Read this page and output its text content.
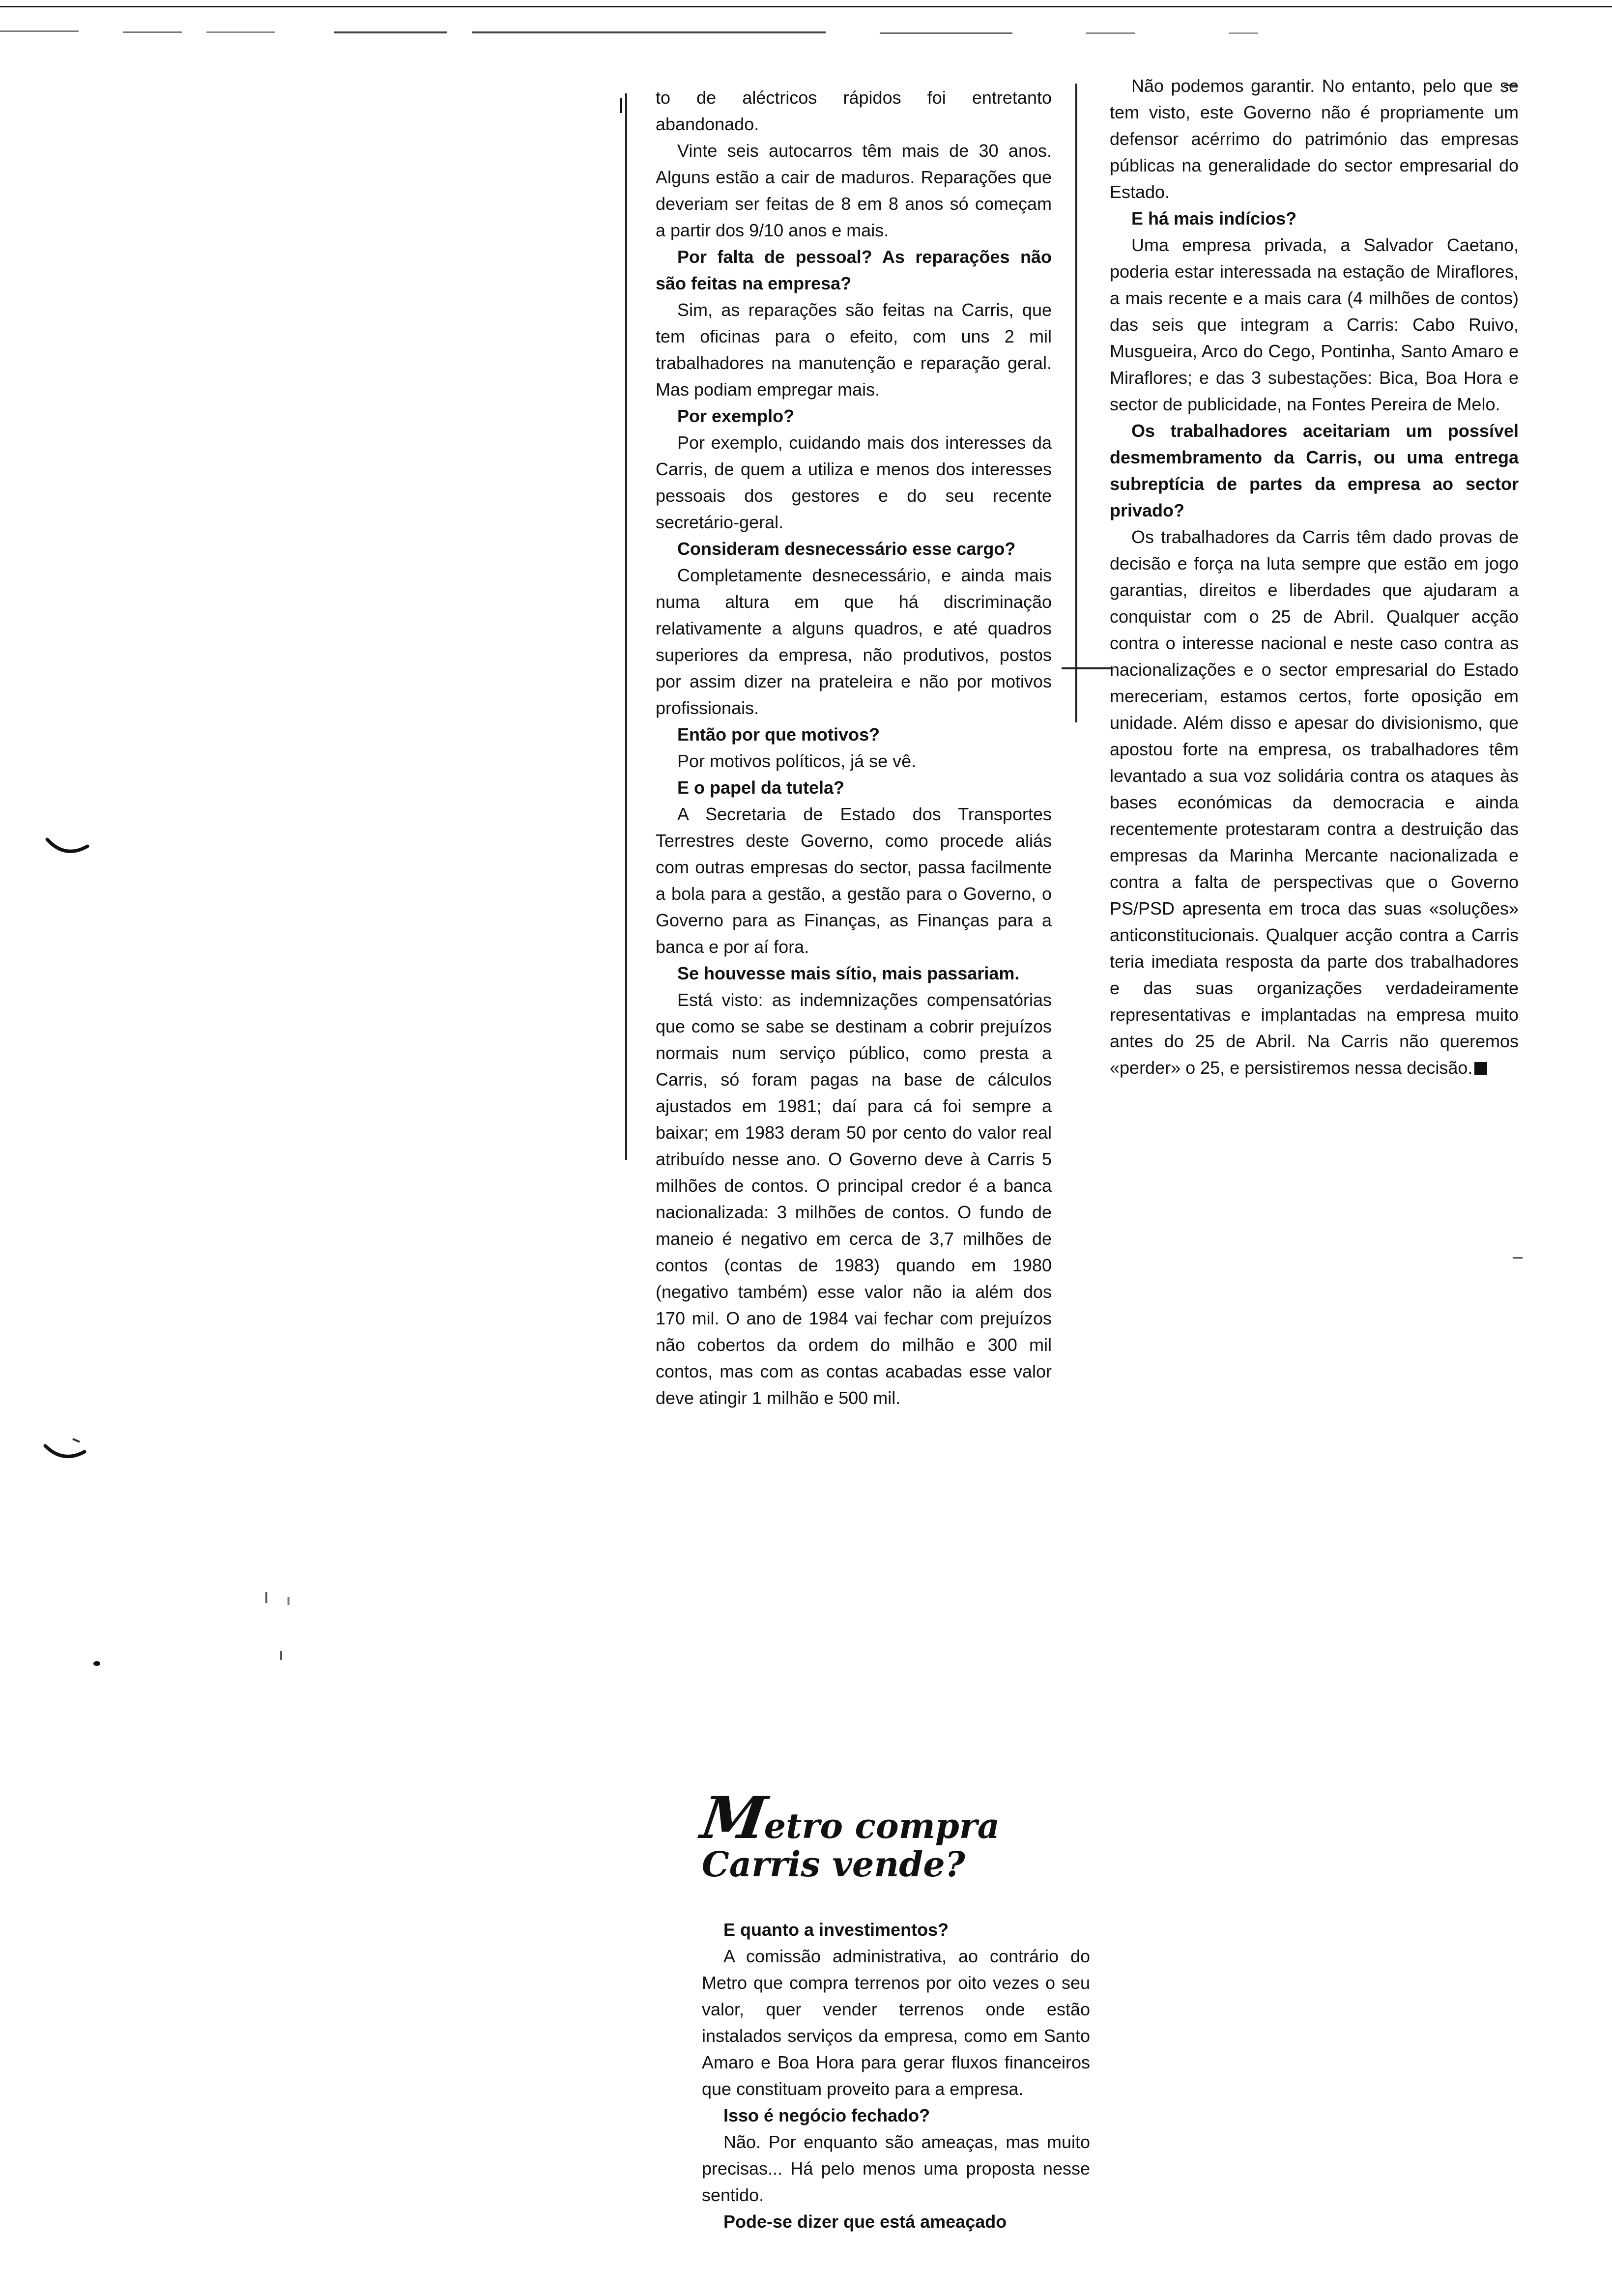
to de aléctricos rápidos foi entretanto abandonado.

Vinte seis autocarros têm mais de 30 anos. Alguns estão a cair de maduros. Reparações que deveriam ser feitas de 8 em 8 anos só começam a partir dos 9/10 anos e mais.

Por falta de pessoal? As reparações não são feitas na empresa?

Sim, as reparações são feitas na Carris, que tem oficinas para o efeito, com uns 2 mil trabalhadores na manutenção e reparação geral. Mas podiam empregar mais.

Por exemplo?

Por exemplo, cuidando mais dos interesses da Carris, de quem a utiliza e menos dos interesses pessoais dos gestores e do seu recente secretário-geral.

Consideram desnecessário esse cargo?

Completamente desnecessário, e ainda mais numa altura em que há discriminação relativamente a alguns quadros, e até quadros superiores da empresa, não produtivos, postos por assim dizer na prateleira e não por motivos profissionais.

Então por que motivos?

Por motivos políticos, já se vê.

E o papel da tutela?

A Secretaria de Estado dos Transportes Terrestres deste Governo, como procede aliás com outras empresas do sector, passa facilmente a bola para a gestão, a gestão para o Governo, o Governo para as Finanças, as Finanças para a banca e por aí fora.

Se houvesse mais sítio, mais passariam.

Está visto: as indemnizações compensatórias que como se sabe se destinam a cobrir prejuízos normais num serviço público, como presta a Carris, só foram pagas na base de cálculos ajustados em 1981; daí para cá foi sempre a baixar; em 1983 deram 50 por cento do valor real atribuído nesse ano. O Governo deve à Carris 5 milhões de contos. O principal credor é a banca nacionalizada: 3 milhões de contos. O fundo de maneio é negativo em cerca de 3,7 milhões de contos (contas de 1983) quando em 1980 (negativo também) esse valor não ia além dos 170 mil. O ano de 1984 vai fechar com prejuízos não cobertos da ordem do milhão e 300 mil contos, mas com as contas acabadas esse valor deve atingir 1 milhão e 500 mil.

Metro compra
Carris vende?

E quanto a investimentos?

A comissão administrativa, ao contrário do Metro que compra terrenos por oito vezes o seu valor, quer vender terrenos onde estão instalados serviços da empresa, como em Santo Amaro e Boa Hora para gerar fluxos financeiros que constituam proveito para a empresa.

Isso é negócio fechado?

Não. Por enquanto são ameaças, mas muito precisas... Há pelo menos uma proposta nesse sentido.

Pode-se dizer que está ameaçado

Não podemos garantir. No entanto, pelo que se tem visto, este Governo não é propriamente um defensor acérrimo do património das empresas públicas na generalidade do sector empresarial do Estado.

E há mais indícios?

Uma empresa privada, a Salvador Caetano, poderia estar interessada na estação de Miraflores, a mais recente e a mais cara (4 milhões de contos) das seis que integram a Carris: Cabo Ruivo, Musgueira, Arco do Cego, Pontinha, Santo Amaro e Miraflores; e das 3 subestações: Bica, Boa Hora e sector de publicidade, na Fontes Pereira de Melo.

Os trabalhadores aceitariam um possível desmembramento da Carris, ou uma entrega subreptícia de partes da empresa ao sector privado?

Os trabalhadores da Carris têm dado provas de decisão e força na luta sempre que estão em jogo garantias, direitos e liberdades que ajudaram a conquistar com o 25 de Abril. Qualquer acção contra o interesse nacional e neste caso contra as nacionalizações e o sector empresarial do Estado mereceriam, estamos certos, forte oposição em unidade. Além disso e apesar do divisionismo, que apostou forte na empresa, os trabalhadores têm levantado a sua voz solidária contra os ataques às bases económicas da democracia e ainda recentemente protestaram contra a destruição das empresas da Marinha Mercante nacionalizada e contra a falta de perspectivas que o Governo PS/PSD apresenta em troca das suas «soluções» anticonstitucionais. Qualquer acção contra a Carris teria imediata resposta da parte dos trabalhadores e das suas organizações verdadeiramente representativas e implantadas na empresa muito antes do 25 de Abril. Na Carris não queremos «perder» o 25, e persistiremos nessa decisão.
